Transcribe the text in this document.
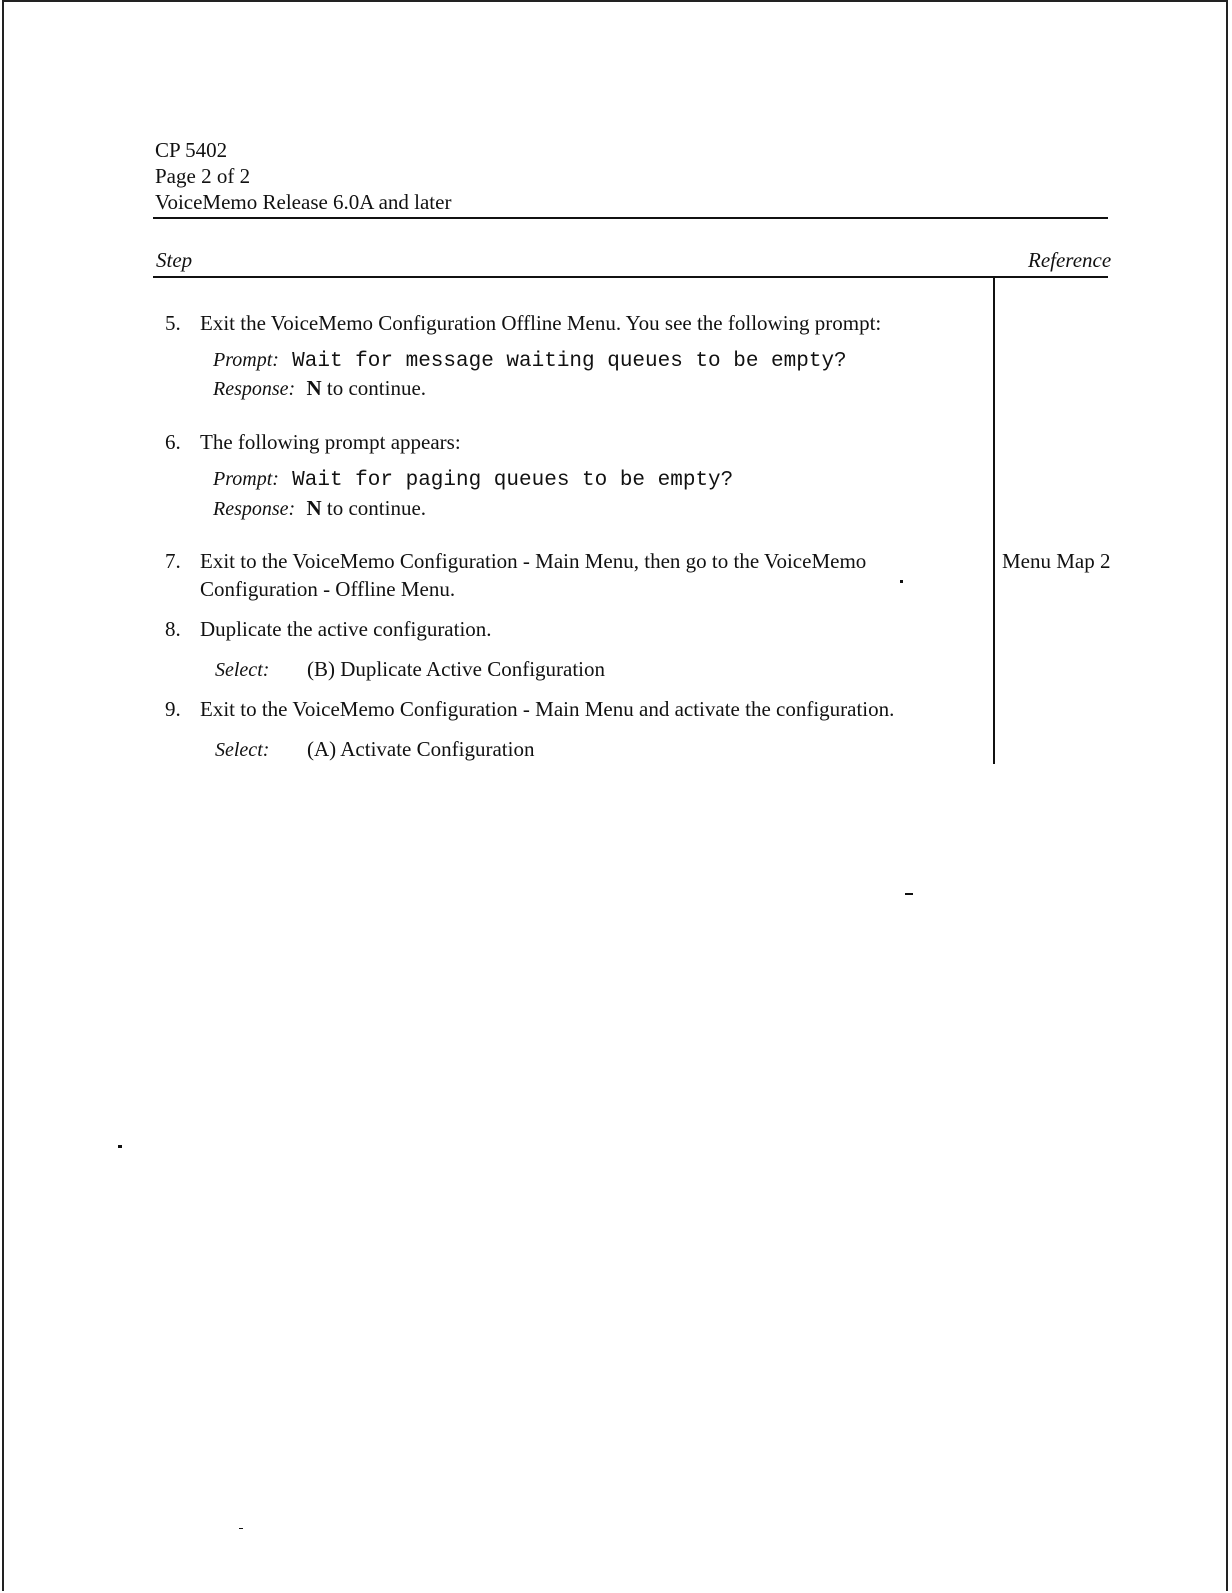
CP 5402
Page 2 of 2
VoiceMemo Release 6.0A and later
Step	Reference
5. Exit the VoiceMemo Configuration Offline Menu. You see the following prompt:
Prompt: Wait for message waiting queues to be empty?
Response: N to continue.
6. The following prompt appears:
Prompt: Wait for paging queues to be empty?
Response: N to continue.
7. Exit to the VoiceMemo Configuration - Main Menu, then go to the VoiceMemo
Configuration - Offline Menu.
Menu Map 2
8. Duplicate the active configuration.
Select: (B) Duplicate Active Configuration
9. Exit to the VoiceMemo Configuration - Main Menu and activate the configuration.
Select: (A) Activate Configuration
